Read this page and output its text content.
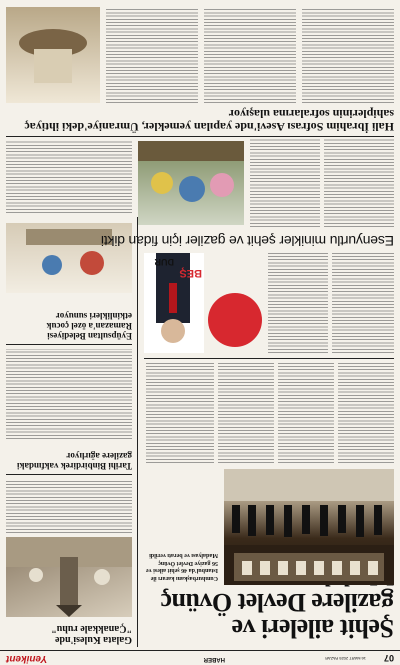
07
16 MART 2025 PAZAR
HABER
Yenikent
Şehit aileleri ve gazilere Devlet Övünç
Cumhurbaşkanı kararı ile Istanbul'da 46 şehit ailesi ve 56 gaziye Devlet Övünç Madalyası ve beratı verildi
Galata Kulesi'nde "Çanakkale ruhu"
Tarihi Binbirdirek vakfındaki gazilere ağırlıyor
Eyüpsultan Belediyesi Ramazan'a özel çocuk etkinlikleri sunuyor
BEŞ
DUR
Esenyurtlu minikler şehit ve gaziler için fidan dikti
Hali İbrahim Sofrası Asevi'nde yapılan yemekler, Ümraniye'deki ihtiyaç sahiplerinin sofralarına ulaşıyor
